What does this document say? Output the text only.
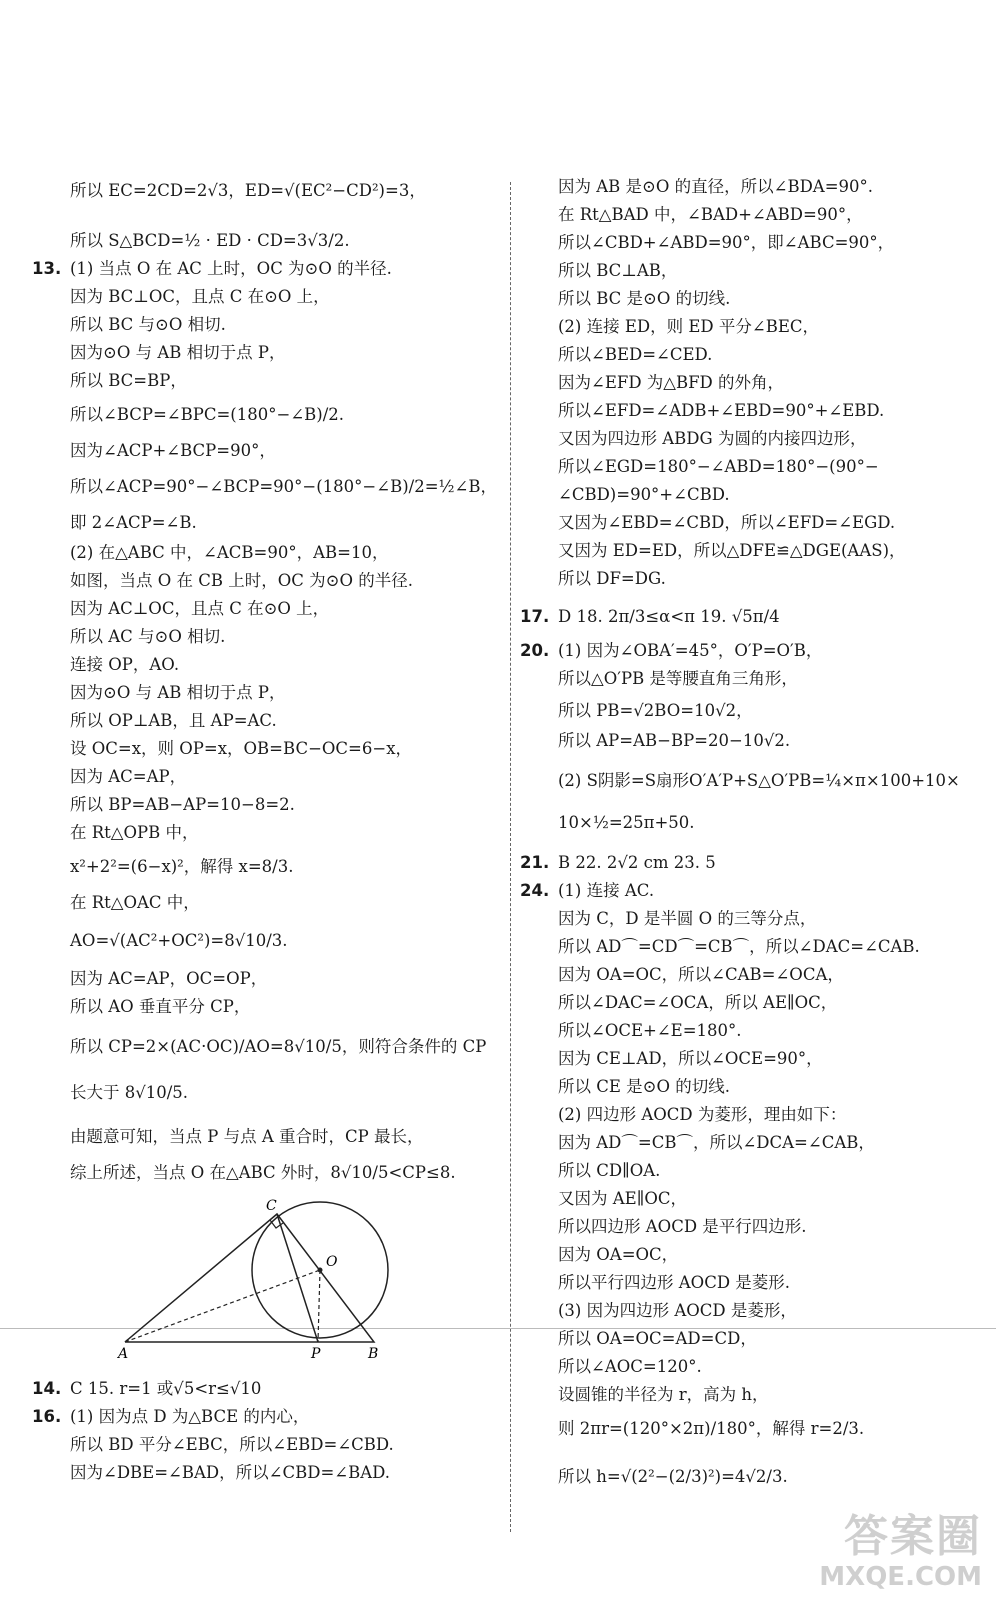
所以 EC=2CD=2√3，ED=√(EC²−CD²)=3，
所以 S△BCD=½ · ED · CD=3√3/2.
13. (1) 当点 O 在 AC 上时，OC 为⊙O 的半径.
因为 BC⊥OC，且点 C 在⊙O 上，
所以 BC 与⊙O 相切.
因为⊙O 与 AB 相切于点 P，
所以 BC=BP，
所以∠BCP=∠BPC=(180°−∠B)/2.
因为∠ACP+∠BCP=90°，
所以∠ACP=90°−∠BCP=90°−(180°−∠B)/2=½∠B，
即 2∠ACP=∠B.
(2) 在△ABC 中，∠ACB=90°，AB=10，
如图，当点 O 在 CB 上时，OC 为⊙O 的半径.
因为 AC⊥OC，且点 C 在⊙O 上，
所以 AC 与⊙O 相切.
连接 OP，AO.
因为⊙O 与 AB 相切于点 P，
所以 OP⊥AB，且 AP=AC.
设 OC=x，则 OP=x，OB=BC−OC=6−x，
因为 AC=AP，
所以 BP=AB−AP=10−8=2.
在 Rt△OPB 中，
x²+2²=(6−x)²，解得 x=8/3.
在 Rt△OAC 中，
AO=√(AC²+OC²)=8√10/3.
因为 AC=AP，OC=OP，
所以 AO 垂直平分 CP，
所以 CP=2×(AC·OC)/AO=8√10/5，则符合条件的 CP
长大于 8√10/5.
由题意可知，当点 P 与点 A 重合时，CP 最长，
综上所述，当点 O 在△ABC 外时，8√10/5<CP≤8.
14. C 15. r=1 或√5<r≤√10
16. (1) 因为点 D 为△BCE 的内心，
所以 BD 平分∠EBC，所以∠EBD=∠CBD.
因为∠DBE=∠BAD，所以∠CBD=∠BAD.
因为 AB 是⊙O 的直径，所以∠BDA=90°.
在 Rt△BAD 中，∠BAD+∠ABD=90°，
所以∠CBD+∠ABD=90°，即∠ABC=90°，
所以 BC⊥AB，
所以 BC 是⊙O 的切线.
(2) 连接 ED，则 ED 平分∠BEC，
所以∠BED=∠CED.
因为∠EFD 为△BFD 的外角，
所以∠EFD=∠ADB+∠EBD=90°+∠EBD.
又因为四边形 ABDG 为圆的内接四边形，
所以∠EGD=180°−∠ABD=180°−(90°−
∠CBD)=90°+∠CBD.
又因为∠EBD=∠CBD，所以∠EFD=∠EGD.
又因为 ED=ED，所以△DFE≌△DGE(AAS)，
所以 DF=DG.
17. D 18. 2π/3≤α<π 19. √5π/4
20. (1) 因为∠OBA′=45°，O′P=O′B，
所以△O′PB 是等腰直角三角形，
所以 PB=√2BO=10√2，
所以 AP=AB−BP=20−10√2.
(2) S阴影=S扇形O′A′P+S△O′PB=¼×π×100+10×
10×½=25π+50.
21. B 22. 2√2 cm 23. 5
24. (1) 连接 AC.
因为 C，D 是半圆 O 的三等分点，
所以 AD⌒=CD⌒=CB⌒，所以∠DAC=∠CAB.
因为 OA=OC，所以∠CAB=∠OCA，
所以∠DAC=∠OCA，所以 AE∥OC，
所以∠OCE+∠E=180°.
因为 CE⊥AD，所以∠OCE=90°，
所以 CE 是⊙O 的切线.
(2) 四边形 AOCD 为菱形，理由如下：
因为 AD⌒=CB⌒，所以∠DCA=∠CAB，
所以 CD∥OA.
又因为 AE∥OC，
所以四边形 AOCD 是平行四边形.
因为 OA=OC，
所以平行四边形 AOCD 是菱形.
(3) 因为四边形 AOCD 是菱形，
所以 OA=OC=AD=CD，
所以∠AOC=120°.
设圆锥的半径为 r，高为 h，
则 2πr=(120°×2π)/180°，解得 r=2/3.
所以 h=√(2²−(2/3)²)=4√2/3.
C
O
A	P	B
答案圈
MXQE.COM
